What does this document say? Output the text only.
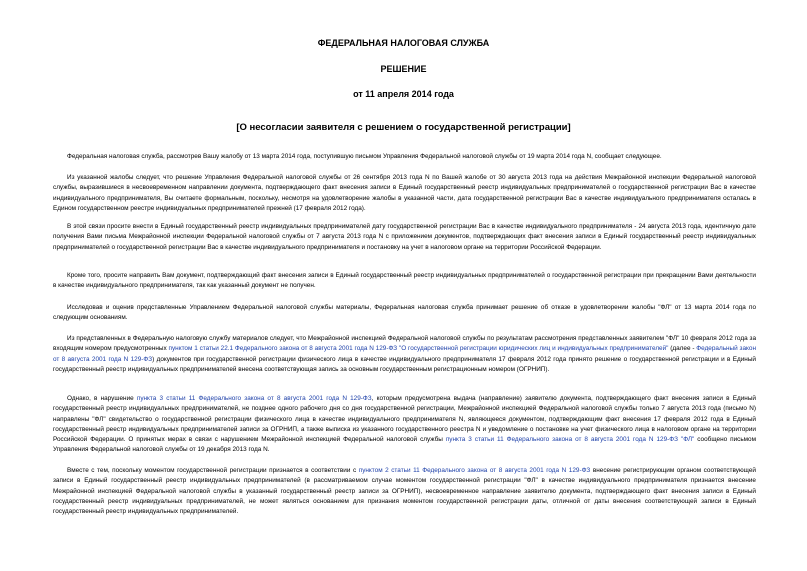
ФЕДЕРАЛЬНАЯ НАЛОГОВАЯ СЛУЖБА
РЕШЕНИЕ
от 11 апреля 2014 года
[О несогласии заявителя с решением о государственной регистрации]
Федеральная налоговая служба, рассмотрев Вашу жалобу от 13 марта 2014 года, поступившую письмом Управления Федеральной налоговой службы от 19 марта 2014 года N, сообщает следующее.
Из указанной жалобы следует, что решение Управления Федеральной налоговой службы от 26 сентября 2013 года N по Вашей жалобе от 30 августа 2013 года на действия Межрайонной инспекции Федеральной налоговой службы, выразившиеся в несвоевременном направлении документа, подтверждающего факт внесения записи в Единый государственный реестр индивидуальных предпринимателей о государственной регистрации Вас в качестве индивидуального предпринимателя, Вы считаете формальным, поскольку, несмотря на удовлетворение жалобы в указанной части, дата государственной регистрации Вас в качестве индивидуального предпринимателя осталась в Едином государственном реестре индивидуальных предпринимателей прежней (17 февраля 2012 года).
В этой связи просите внести в Единый государственный реестр индивидуальных предпринимателей дату государственной регистрации Вас в качестве индивидуального предпринимателя - 24 августа 2013 года, идентичную дате получения Вами письма Межрайонной инспекции Федеральной налоговой службы от 7 августа 2013 года N с приложением документов, подтверждающих факт внесения записи в Единый государственный реестр индивидуальных предпринимателей о государственной регистрации Вас в качестве индивидуального предпринимателя и постановку на учет в налоговом органе на территории Российской Федерации.
Кроме того, просите направить Вам документ, подтверждающий факт внесения записи в Единый государственный реестр индивидуальных предпринимателей о государственной регистрации при прекращении Вами деятельности в качестве индивидуального предпринимателя, так как указанный документ не получен.
Исследовав и оценив представленные Управлением Федеральной налоговой службы материалы, Федеральная налоговая служба принимает решение об отказе в удовлетворении жалобы "ФЛ" от 13 марта 2014 года по следующим основаниям.
Из представленных в Федеральную налоговую службу материалов следует, что Межрайонной инспекцией Федеральной налоговой службы по результатам рассмотрения представленных заявителем "ФЛ" 10 февраля 2012 года за входящим номером предусмотренных пунктом 1 статьи 22.1 Федерального закона от 8 августа 2001 года N 129-ФЗ "О государственной регистрации юридических лиц и индивидуальных предпринимателей" (далее - Федеральный закон от 8 августа 2001 года N 129-ФЗ) документов при государственной регистрации физического лица в качестве индивидуального предпринимателя 17 февраля 2012 года принято решение о государственной регистрации и в Единый государственный реестр индивидуальных предпринимателей внесена соответствующая запись за основным государственным регистрационным номером (ОГРНИП).
Однако, в нарушение пункта 3 статьи 11 Федерального закона от 8 августа 2001 года N 129-ФЗ, которым предусмотрена выдача (направление) заявителю документа, подтверждающего факт внесения записи в Единый государственный реестр индивидуальных предпринимателей, не позднее одного рабочего дня со дня государственной регистрации, Межрайонной инспекцией Федеральной налоговой службы только 7 августа 2013 года (письмо N) направлены "ФЛ" свидетельство о государственной регистрации физического лица в качестве индивидуального предпринимателя N, являющееся документом, подтверждающим факт внесения 17 февраля 2012 года в Единый государственный реестр индивидуальных предпринимателей записи за ОГРНИП, а также выписка из указанного государственного реестра N и уведомление о постановке на учет физического лица в налоговом органе на территории Российской Федерации. О принятых мерах в связи с нарушением Межрайонной инспекцией Федеральной налоговой службы пункта 3 статьи 11 Федерального закона от 8 августа 2001 года N 129-ФЗ "ФЛ" сообщено письмом Управления Федеральной налоговой службы от 19 декабря 2013 года N.
Вместе с тем, поскольку моментом государственной регистрации признается в соответствии с пунктом 2 статьи 11 Федерального закона от 8 августа 2001 года N 129-ФЗ внесение регистрирующим органом соответствующей записи в Единый государственный реестр индивидуальных предпринимателей (в рассматриваемом случае моментом государственной регистрации "ФЛ" в качестве индивидуального предпринимателя признается внесение Межрайонной инспекцией Федеральной налоговой службы в указанный государственный реестр записи за ОГРНИП), несвоевременное направление заявителю документа, подтверждающего факт внесения записи в Единый государственный реестр индивидуальных предпринимателей, не может являться основанием для признания моментом государственной регистрации даты, отличной от даты внесения соответствующей записи в Единый государственный реестр индивидуальных предпринимателей.
